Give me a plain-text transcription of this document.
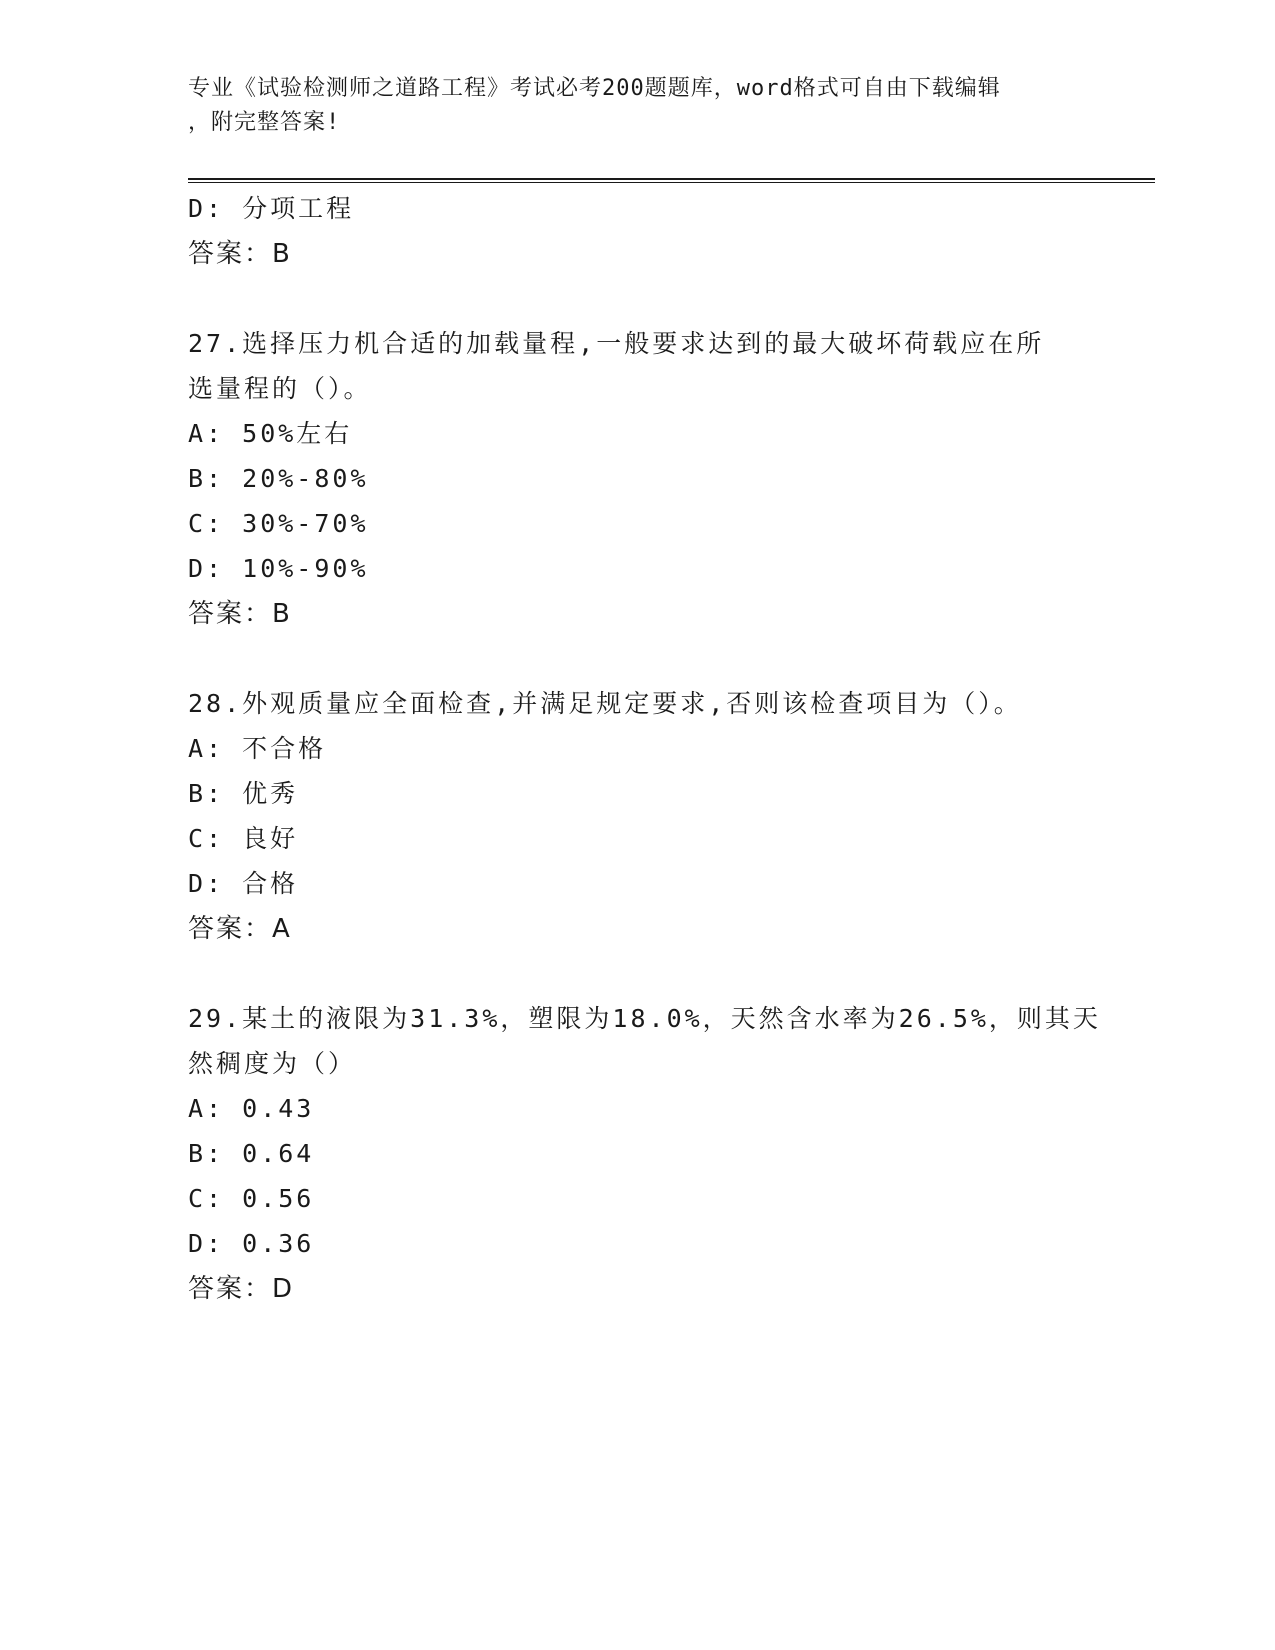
专业《试验检测师之道路工程》考试必考200题题库，word格式可自由下载编辑
，附完整答案!
D: 分项工程
答案：B
27.选择压力机合适的加载量程,一般要求达到的最大破坏荷载应在所
选量程的（）。
A: 50%左右
B: 20%-80%
C: 30%-70%
D: 10%-90%
答案：B
28.外观质量应全面检查,并满足规定要求,否则该检查项目为（）。
A: 不合格
B: 优秀
C: 良好
D: 合格
答案：A
29.某土的液限为31.3%，塑限为18.0%，天然含水率为26.5%，则其天
然稠度为（）
A: 0.43
B: 0.64
C: 0.56
D: 0.36
答案：D
